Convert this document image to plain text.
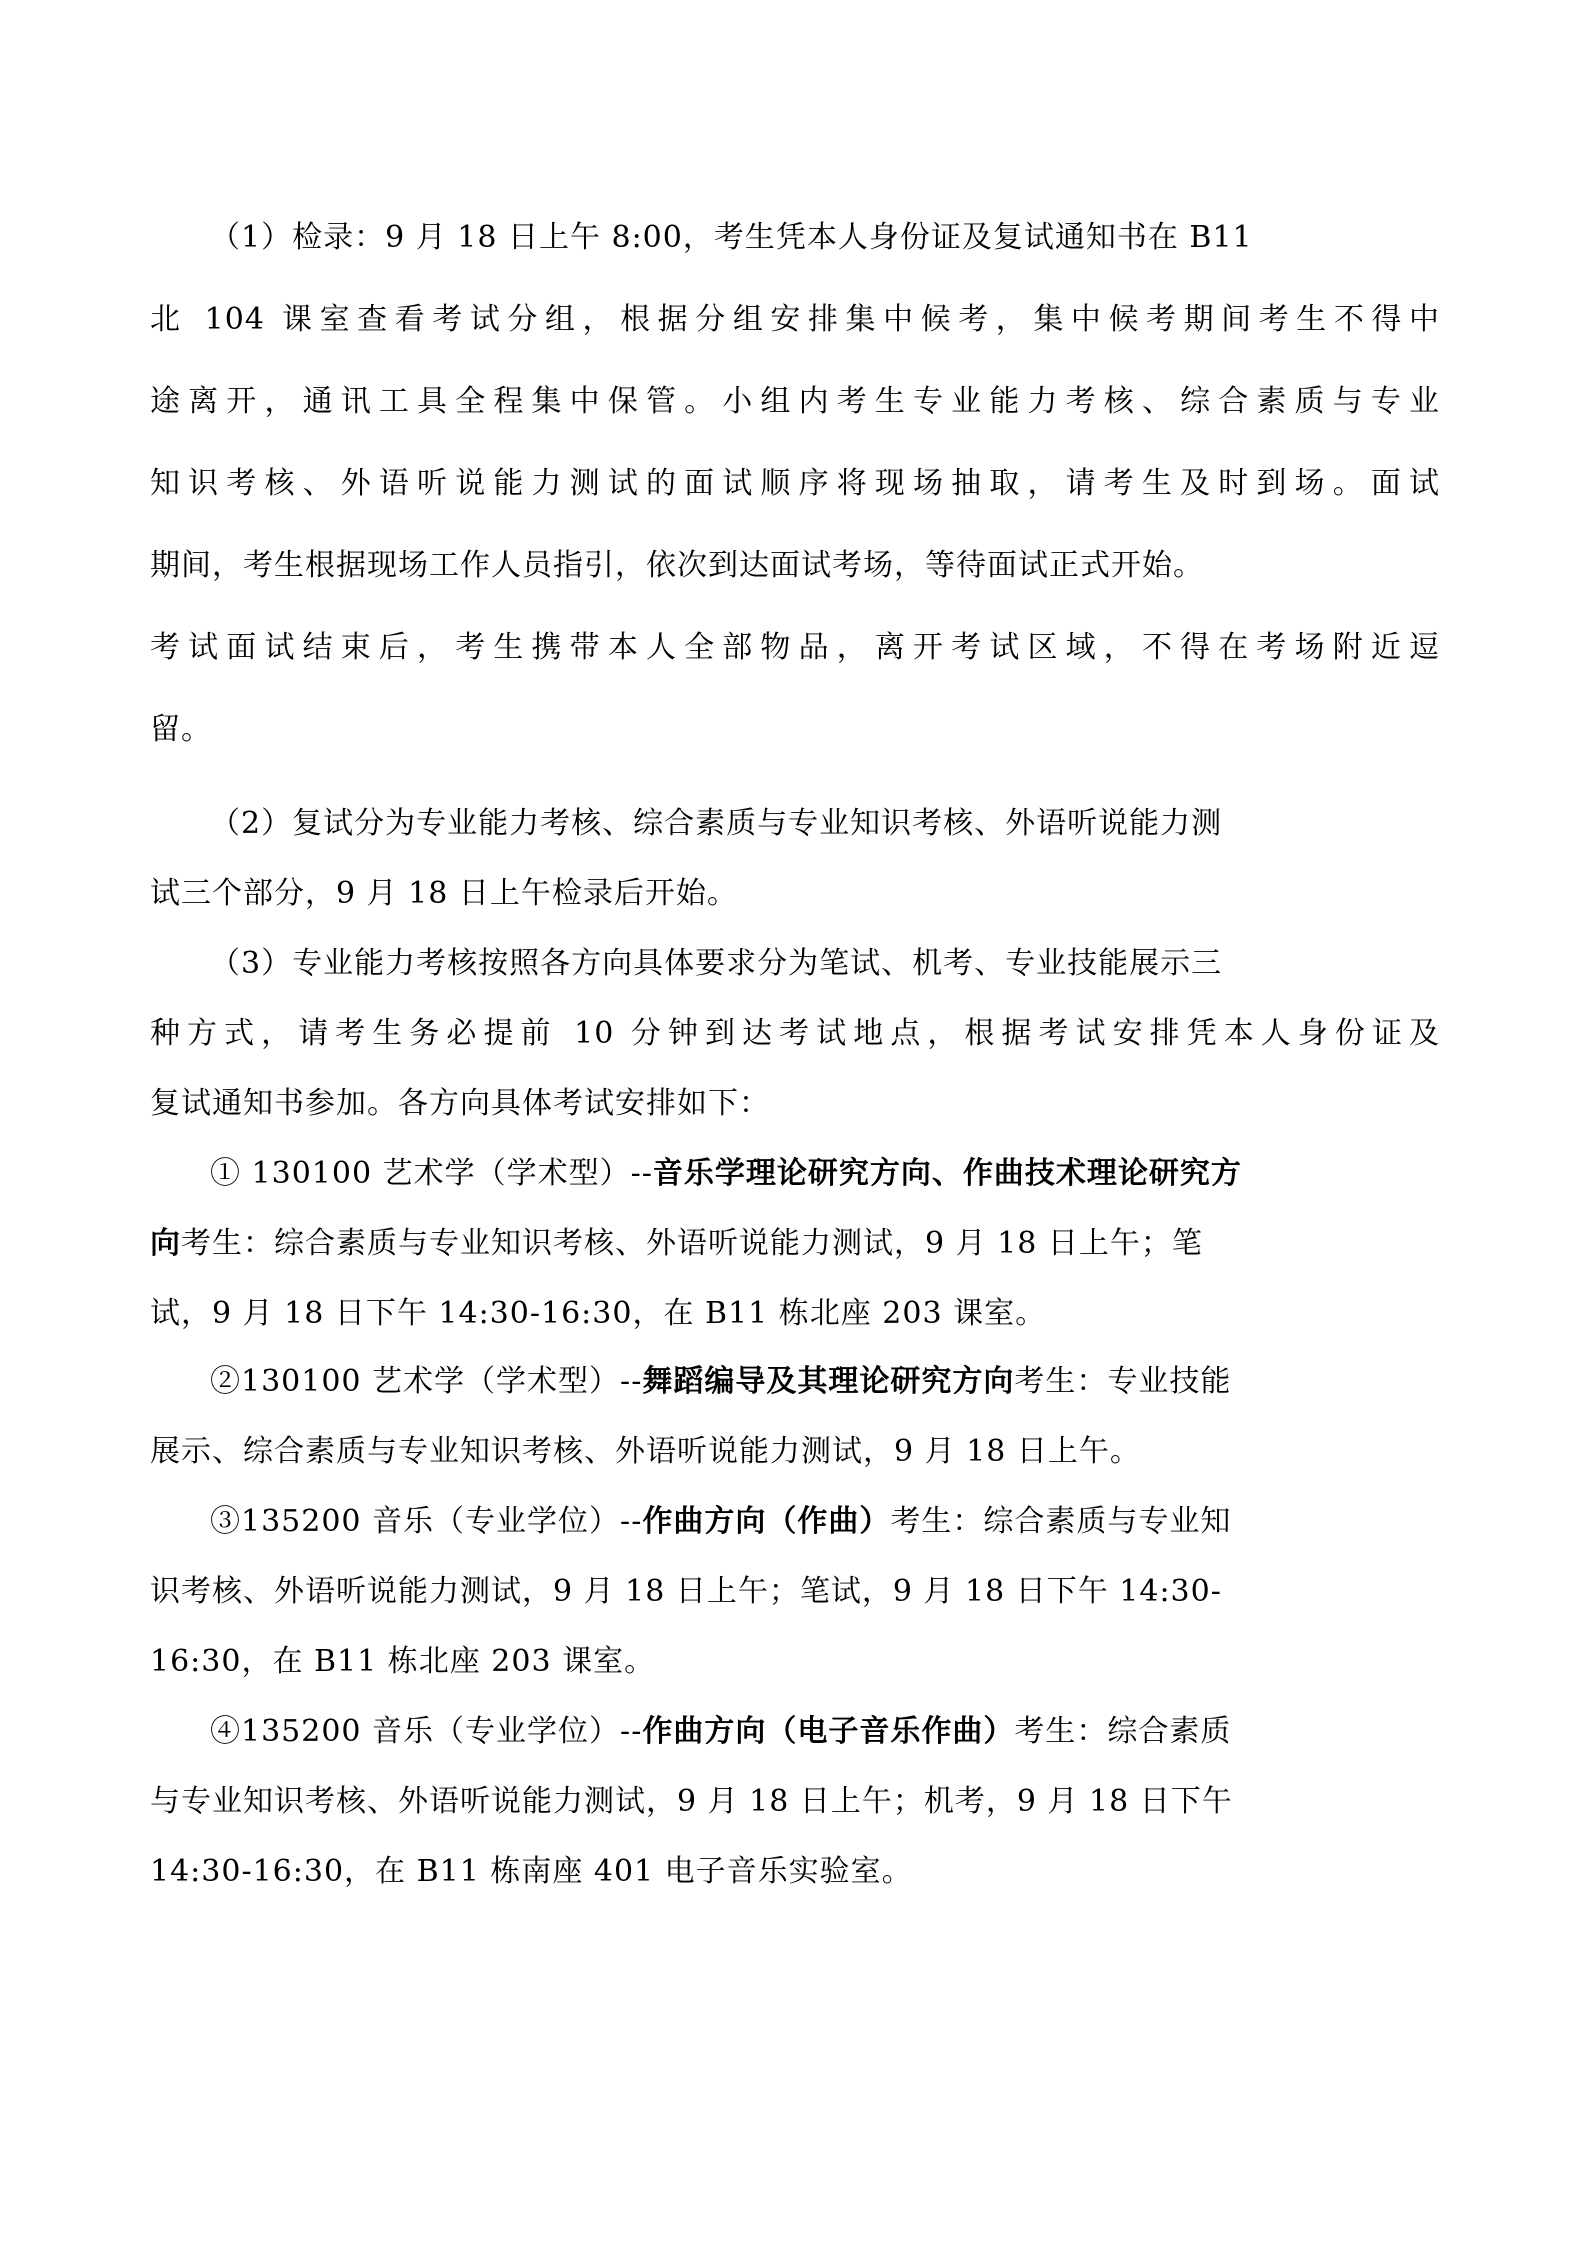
（1）检录：9 月 18 日上午 8:00，考生凭本人身份证及复试通知书在 B11
北 104 课室查看考试分组，根据分组安排集中候考，集中候考期间考生不得中
途离开，通讯工具全程集中保管。小组内考生专业能力考核、综合素质与专业
知识考核、外语听说能力测试的面试顺序将现场抽取，请考生及时到场。面试
期间，考生根据现场工作人员指引，依次到达面试考场，等待面试正式开始。
考试面试结束后，考生携带本人全部物品，离开考试区域，不得在考场附近逗
留。
（2）复试分为专业能力考核、综合素质与专业知识考核、外语听说能力测
试三个部分，9 月 18 日上午检录后开始。
（3）专业能力考核按照各方向具体要求分为笔试、机考、专业技能展示三
种方式，请考生务必提前 10 分钟到达考试地点，根据考试安排凭本人身份证及
复试通知书参加。各方向具体考试安排如下：
① 130100 艺术学（学术型）--音乐学理论研究方向、作曲技术理论研究方
向考生：综合素质与专业知识考核、外语听说能力测试，9 月 18 日上午；笔
试，9 月 18 日下午 14:30-16:30，在 B11 栋北座 203 课室。
②130100 艺术学（学术型）--舞蹈编导及其理论研究方向考生：专业技能
展示、综合素质与专业知识考核、外语听说能力测试，9 月 18 日上午。
③135200 音乐（专业学位）--作曲方向（作曲）考生：综合素质与专业知
识考核、外语听说能力测试，9 月 18 日上午；笔试，9 月 18 日下午 14:30-
16:30，在 B11 栋北座 203 课室。
④135200 音乐（专业学位）--作曲方向（电子音乐作曲）考生：综合素质
与专业知识考核、外语听说能力测试，9 月 18 日上午；机考，9 月 18 日下午
14:30-16:30，在 B11 栋南座 401 电子音乐实验室。
